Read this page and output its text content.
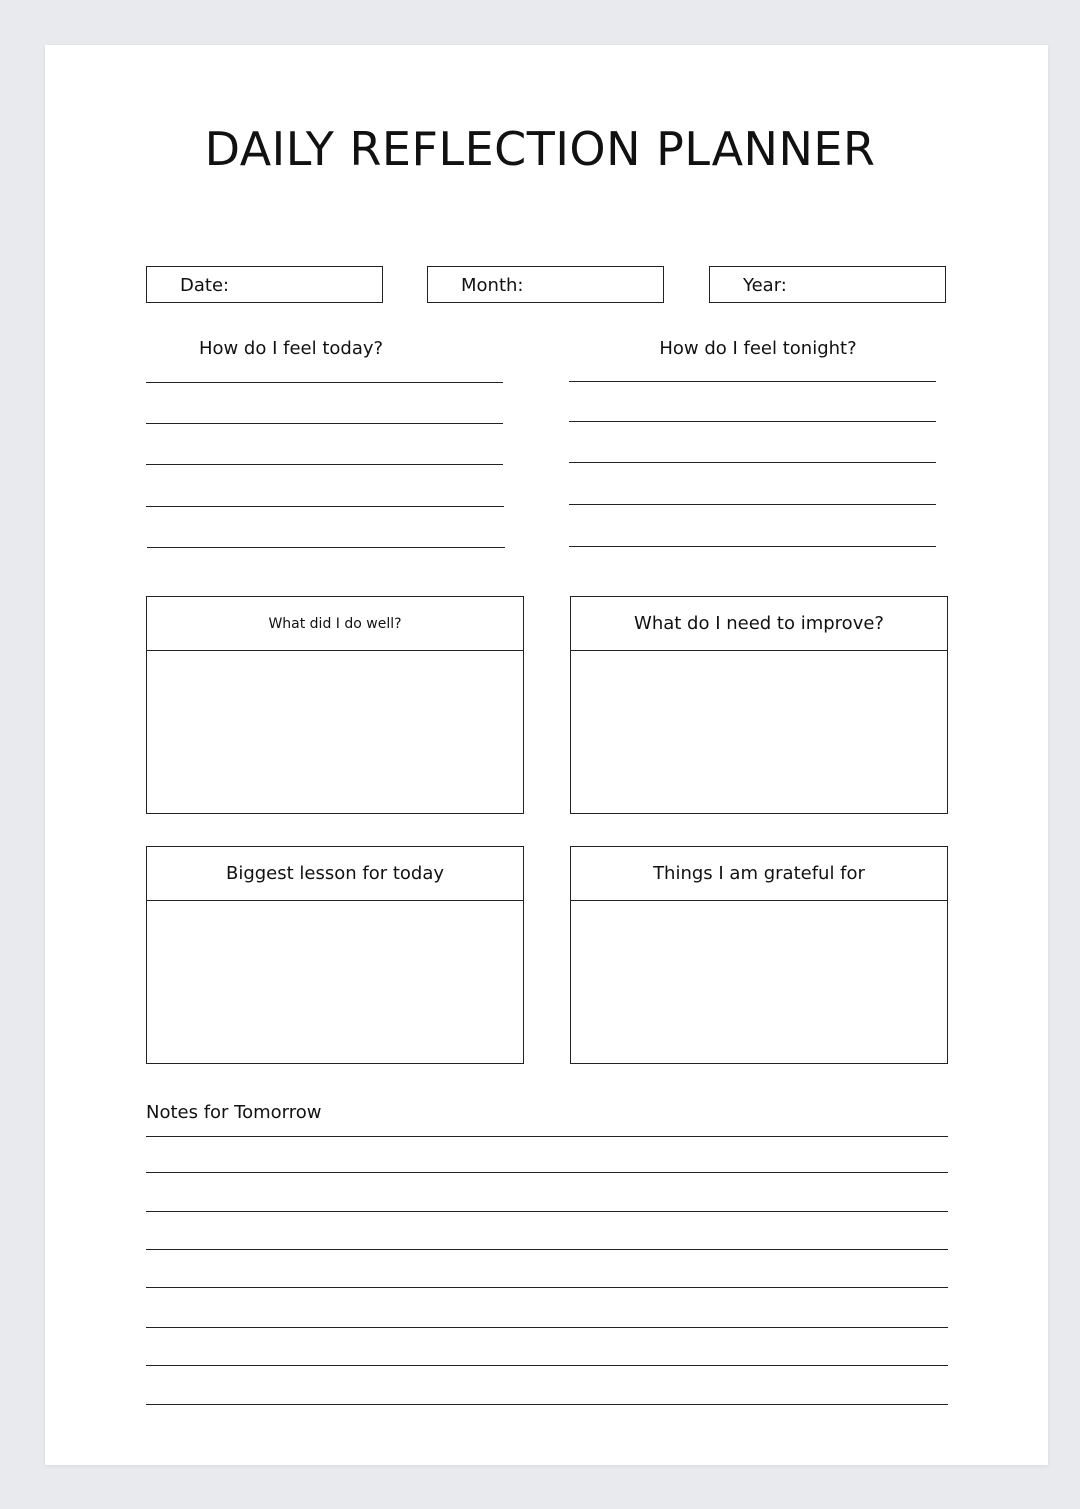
DAILY REFLECTION PLANNER
Date:	Month:	Year:
How do I feel today?	How do I feel tonight?
What did I do well?	What do I need to improve?
Biggest lesson for today	Things I am grateful for
Notes for Tomorrow
